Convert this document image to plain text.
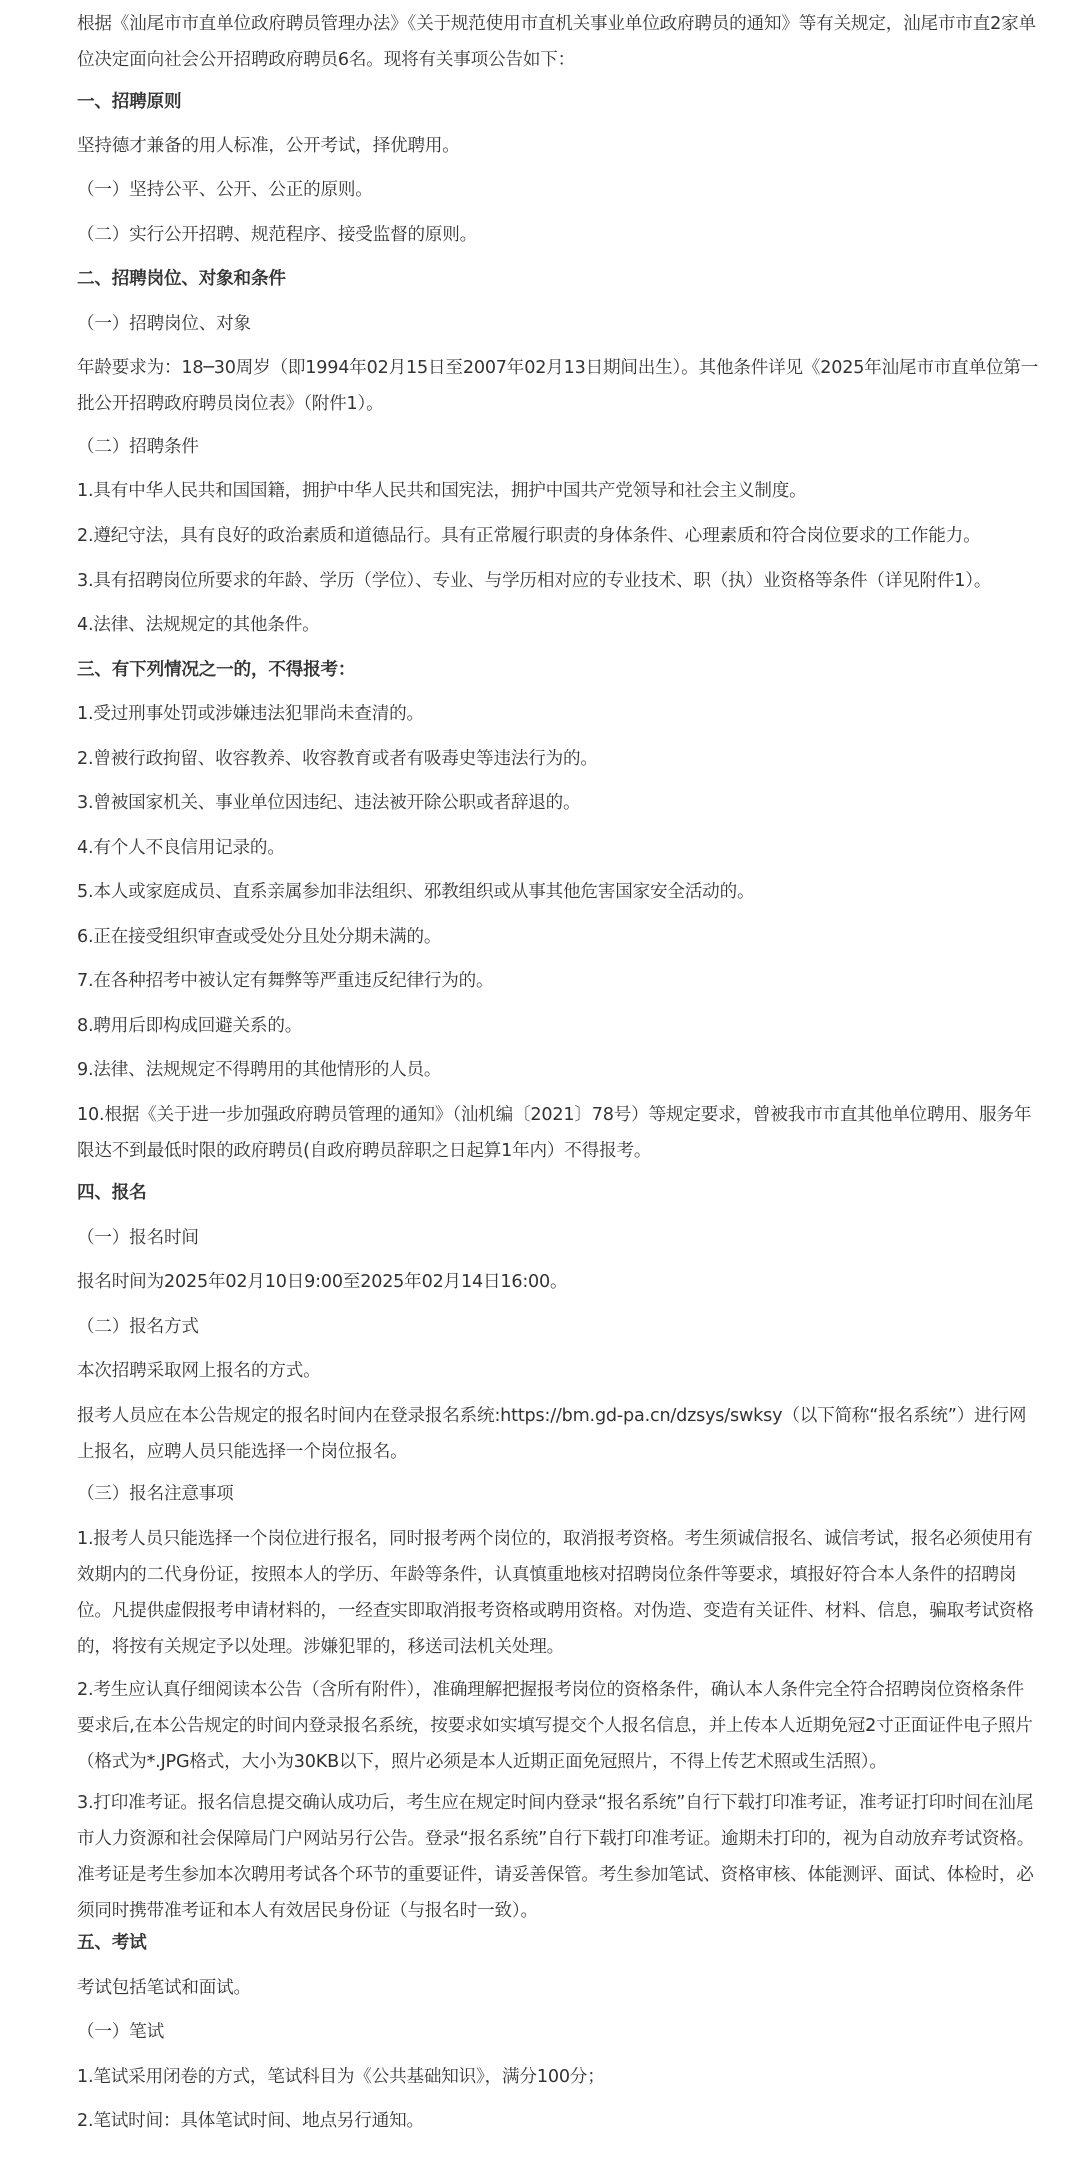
根据《汕尾市市直单位政府聘员管理办法》《关于规范使用市直机关事业单位政府聘员的通知》等有关规定，汕尾市市直2家单位决定面向社会公开招聘政府聘员6名。现将有关事项公告如下：

一、招聘原则

坚持德才兼备的用人标准，公开考试，择优聘用。

（一）坚持公平、公开、公正的原则。

（二）实行公开招聘、规范程序、接受监督的原则。

二、招聘岗位、对象和条件

（一）招聘岗位、对象

年龄要求为：18─30周岁（即1994年02月15日至2007年02月13日期间出生）。其他条件详见《2025年汕尾市市直单位第一批公开招聘政府聘员岗位表》（附件1）。

（二）招聘条件

1.具有中华人民共和国国籍，拥护中华人民共和国宪法，拥护中国共产党领导和社会主义制度。

2.遵纪守法，具有良好的政治素质和道德品行。具有正常履行职责的身体条件、心理素质和符合岗位要求的工作能力。

3.具有招聘岗位所要求的年龄、学历（学位）、专业、与学历相对应的专业技术、职（执）业资格等条件（详见附件1）。

4.法律、法规规定的其他条件。

三、有下列情况之一的，不得报考：

1.受过刑事处罚或涉嫌违法犯罪尚未查清的。

2.曾被行政拘留、收容教养、收容教育或者有吸毒史等违法行为的。

3.曾被国家机关、事业单位因违纪、违法被开除公职或者辞退的。

4.有个人不良信用记录的。

5.本人或家庭成员、直系亲属参加非法组织、邪教组织或从事其他危害国家安全活动的。

6.正在接受组织审查或受处分且处分期未满的。

7.在各种招考中被认定有舞弊等严重违反纪律行为的。

8.聘用后即构成回避关系的。

9.法律、法规规定不得聘用的其他情形的人员。

10.根据《关于进一步加强政府聘员管理的通知》（汕机编〔2021〕78号）等规定要求，曾被我市市直其他单位聘用、服务年限达不到最低时限的政府聘员(自政府聘员辞职之日起算1年内）不得报考。

四、报名

（一）报名时间

报名时间为2025年02月10日9:00至2025年02月14日16:00。

（二）报名方式

本次招聘采取网上报名的方式。

报考人员应在本公告规定的报名时间内在登录报名系统:https://bm.gd-pa.cn/dzsys/swksy（以下简称“报名系统”）进行网上报名，应聘人员只能选择一个岗位报名。

（三）报名注意事项

1.报考人员只能选择一个岗位进行报名，同时报考两个岗位的，取消报考资格。考生须诚信报名、诚信考试，报名必须使用有效期内的二代身份证，按照本人的学历、年龄等条件，认真慎重地核对招聘岗位条件等要求，填报好符合本人条件的招聘岗位。凡提供虚假报考申请材料的，一经查实即取消报考资格或聘用资格。对伪造、变造有关证件、材料、信息，骗取考试资格的，将按有关规定予以处理。涉嫌犯罪的，移送司法机关处理。

2.考生应认真仔细阅读本公告（含所有附件），准确理解把握报考岗位的资格条件，确认本人条件完全符合招聘岗位资格条件要求后,在本公告规定的时间内登录报名系统，按要求如实填写提交个人报名信息，并上传本人近期免冠2寸正面证件电子照片（格式为*.JPG格式，大小为30KB以下，照片必须是本人近期正面免冠照片，不得上传艺术照或生活照）。

3.打印准考证。报名信息提交确认成功后，考生应在规定时间内登录“报名系统”自行下载打印准考证，准考证打印时间在汕尾市人力资源和社会保障局门户网站另行公告。登录“报名系统”自行下载打印准考证。逾期未打印的，视为自动放弃考试资格。准考证是考生参加本次聘用考试各个环节的重要证件，请妥善保管。考生参加笔试、资格审核、体能测评、面试、体检时，必须同时携带准考证和本人有效居民身份证（与报名时一致）。

五、考试

考试包括笔试和面试。

（一）笔试

1.笔试采用闭卷的方式，笔试科目为《公共基础知识》，满分100分；

2.笔试时间：具体笔试时间、地点另行通知。
